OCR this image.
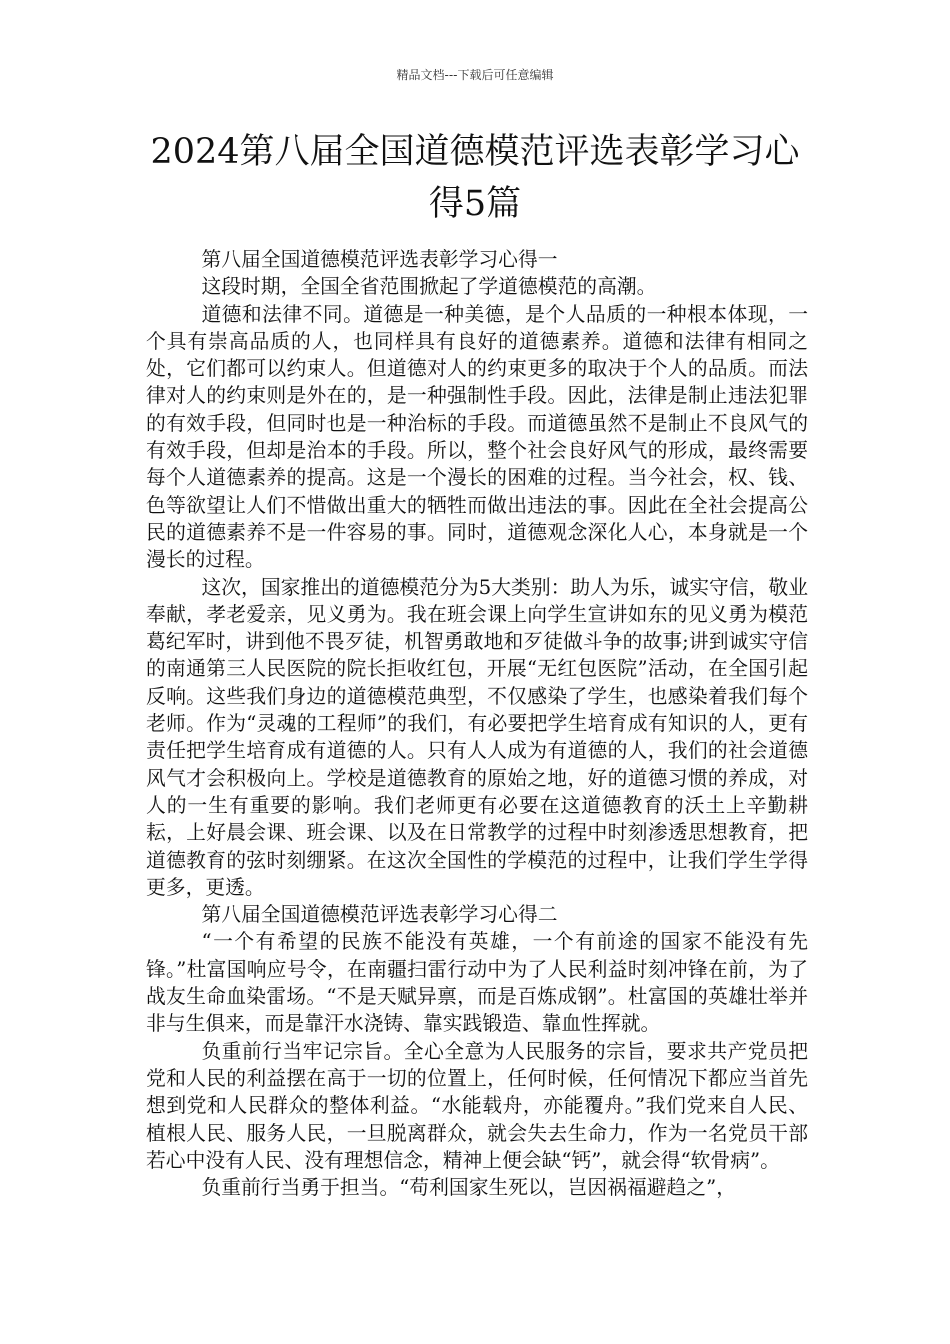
精品文档---下载后可任意编辑
2024第八届全国道德模范评选表彰学习心得5篇

第八届全国道德模范评选表彰学习心得一

这段时期，全国全省范围掀起了学道德模范的高潮。

道德和法律不同。道德是一种美德，是个人品质的一种根本体现，一个具有崇高品质的人，也同样具有良好的道德素养。道德和法律有相同之处，它们都可以约束人。但道德对人的约束更多的取决于个人的品质。而法律对人的约束则是外在的，是一种强制性手段。因此，法律是制止违法犯罪的有效手段，但同时也是一种治标的手段。而道德虽然不是制止不良风气的有效手段，但却是治本的手段。所以，整个社会良好风气的形成，最终需要每个人道德素养的提高。这是一个漫长的困难的过程。当今社会，权、钱、色等欲望让人们不惜做出重大的牺牲而做出违法的事。因此在全社会提高公民的道德素养不是一件容易的事。同时，道德观念深化人心，本身就是一个漫长的过程。

这次，国家推出的道德模范分为5大类别：助人为乐，诚实守信，敬业奉献，孝老爱亲，见义勇为。我在班会课上向学生宣讲如东的见义勇为模范葛纪军时，讲到他不畏歹徒，机智勇敢地和歹徒做斗争的故事;讲到诚实守信的南通第三人民医院的院长拒收红包，开展“无红包医院”活动，在全国引起反响。这些我们身边的道德模范典型，不仅感染了学生，也感染着我们每个老师。作为“灵魂的工程师”的我们，有必要把学生培育成有知识的人，更有责任把学生培育成有道德的人。只有人人成为有道德的人，我们的社会道德风气才会积极向上。学校是道德教育的原始之地，好的道德习惯的养成，对人的一生有重要的影响。我们老师更有必要在这道德教育的沃土上辛勤耕耘，上好晨会课、班会课、以及在日常教学的过程中时刻渗透思想教育，把道德教育的弦时刻绷紧。在这次全国性的学模范的过程中，让我们学生学得更多，更透。

第八届全国道德模范评选表彰学习心得二

“一个有希望的民族不能没有英雄，一个有前途的国家不能没有先锋。”杜富国响应号令，在南疆扫雷行动中为了人民利益时刻冲锋在前，为了战友生命血染雷场。“不是天赋异禀，而是百炼成钢”。杜富国的英雄壮举并非与生俱来，而是靠汗水浇铸、靠实践锻造、靠血性挥就。

负重前行当牢记宗旨。全心全意为人民服务的宗旨，要求共产党员把党和人民的利益摆在高于一切的位置上，任何时候，任何情况下都应当首先想到党和人民群众的整体利益。“水能载舟，亦能覆舟。”我们党来自人民、植根人民、服务人民，一旦脱离群众，就会失去生命力，作为一名党员干部若心中没有人民、没有理想信念，精神上便会缺“钙”，就会得“软骨病”。

负重前行当勇于担当。“苟利国家生死以，岂因祸福避趋之”，
